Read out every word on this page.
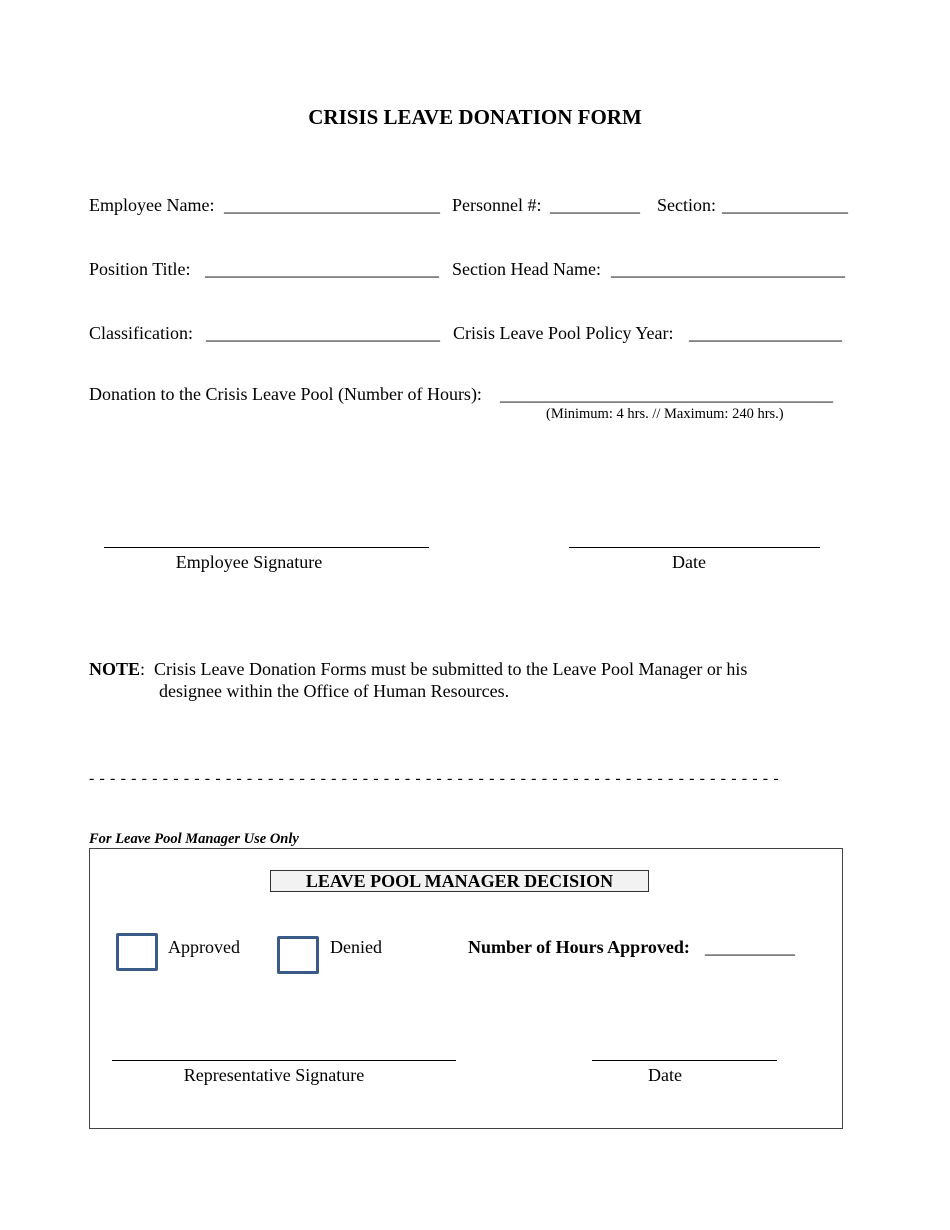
CRISIS LEAVE DONATION FORM
Employee Name: ________________________ Personnel #: __________ Section: ______________
Position Title: __________________________ Section Head Name: __________________________
Classification: __________________________ Crisis Leave Pool Policy Year: _________________
Donation to the Crisis Leave Pool (Number of Hours): _____________________________________
(Minimum: 4 hrs. // Maximum: 240 hrs.)
Employee Signature	Date
NOTE:  Crisis Leave Donation Forms must be submitted to the Leave Pool Manager or his
designee within the Office of Human Resources.
- - - - - - - - - - - - - - - - - - - - - - - - - - - - - - - - - - - - - - - - - - - - - - - - - - - - - - - - - - - - - - - - - -
For Leave Pool Manager Use Only
LEAVE POOL MANAGER DECISION
Approved	Denied	Number of Hours Approved: __________
Representative Signature	Date
